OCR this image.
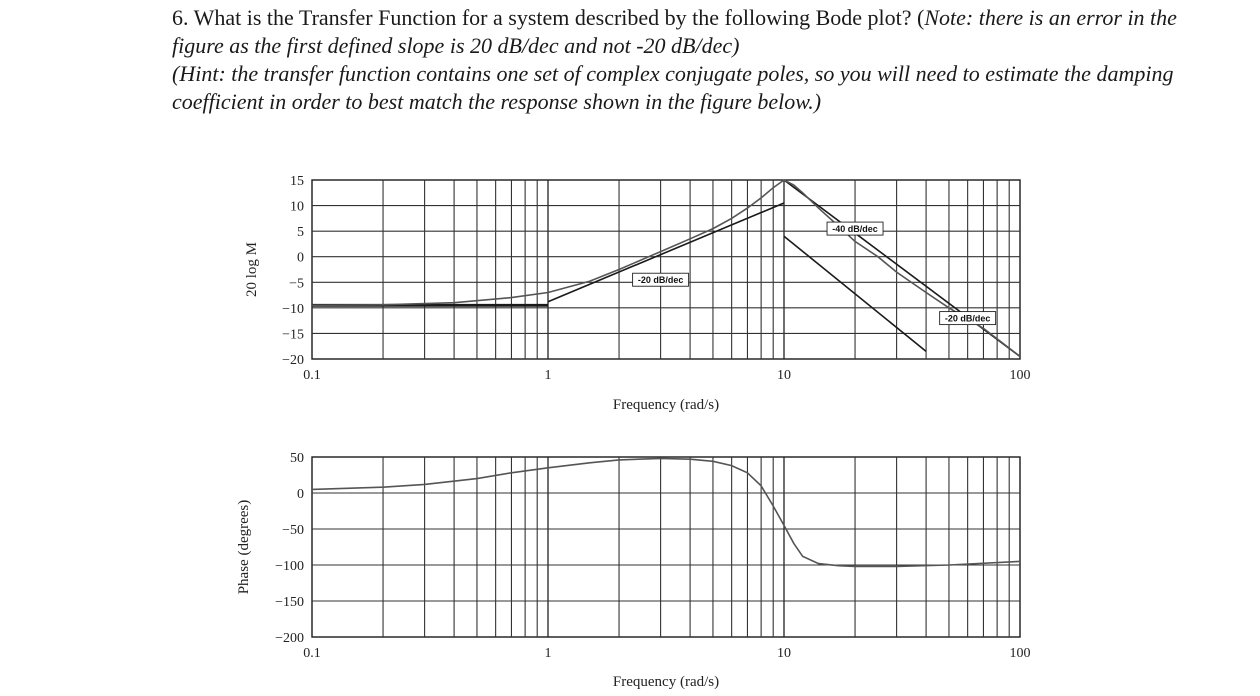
6. What is the Transfer Function for a system described by the following Bode plot? (Note: there is an error in the figure as the first defined slope is 20 dB/dec and not -20 dB/dec)
(Hint: the transfer function contains one set of complex conjugate poles, so you will need to estimate the damping coefficient in order to best match the response shown in the figure below.)
15
10
5
0
−5
−10
−15
−20
0.1	1	10	100
Frequency (rad/s)
20 log M	-20 dB/dec
-40 dB/dec
-20 dB/dec
50
0
−50
−100
−150
−200
0.1	1	10	100
Frequency (rad/s)
Phase (degrees)
